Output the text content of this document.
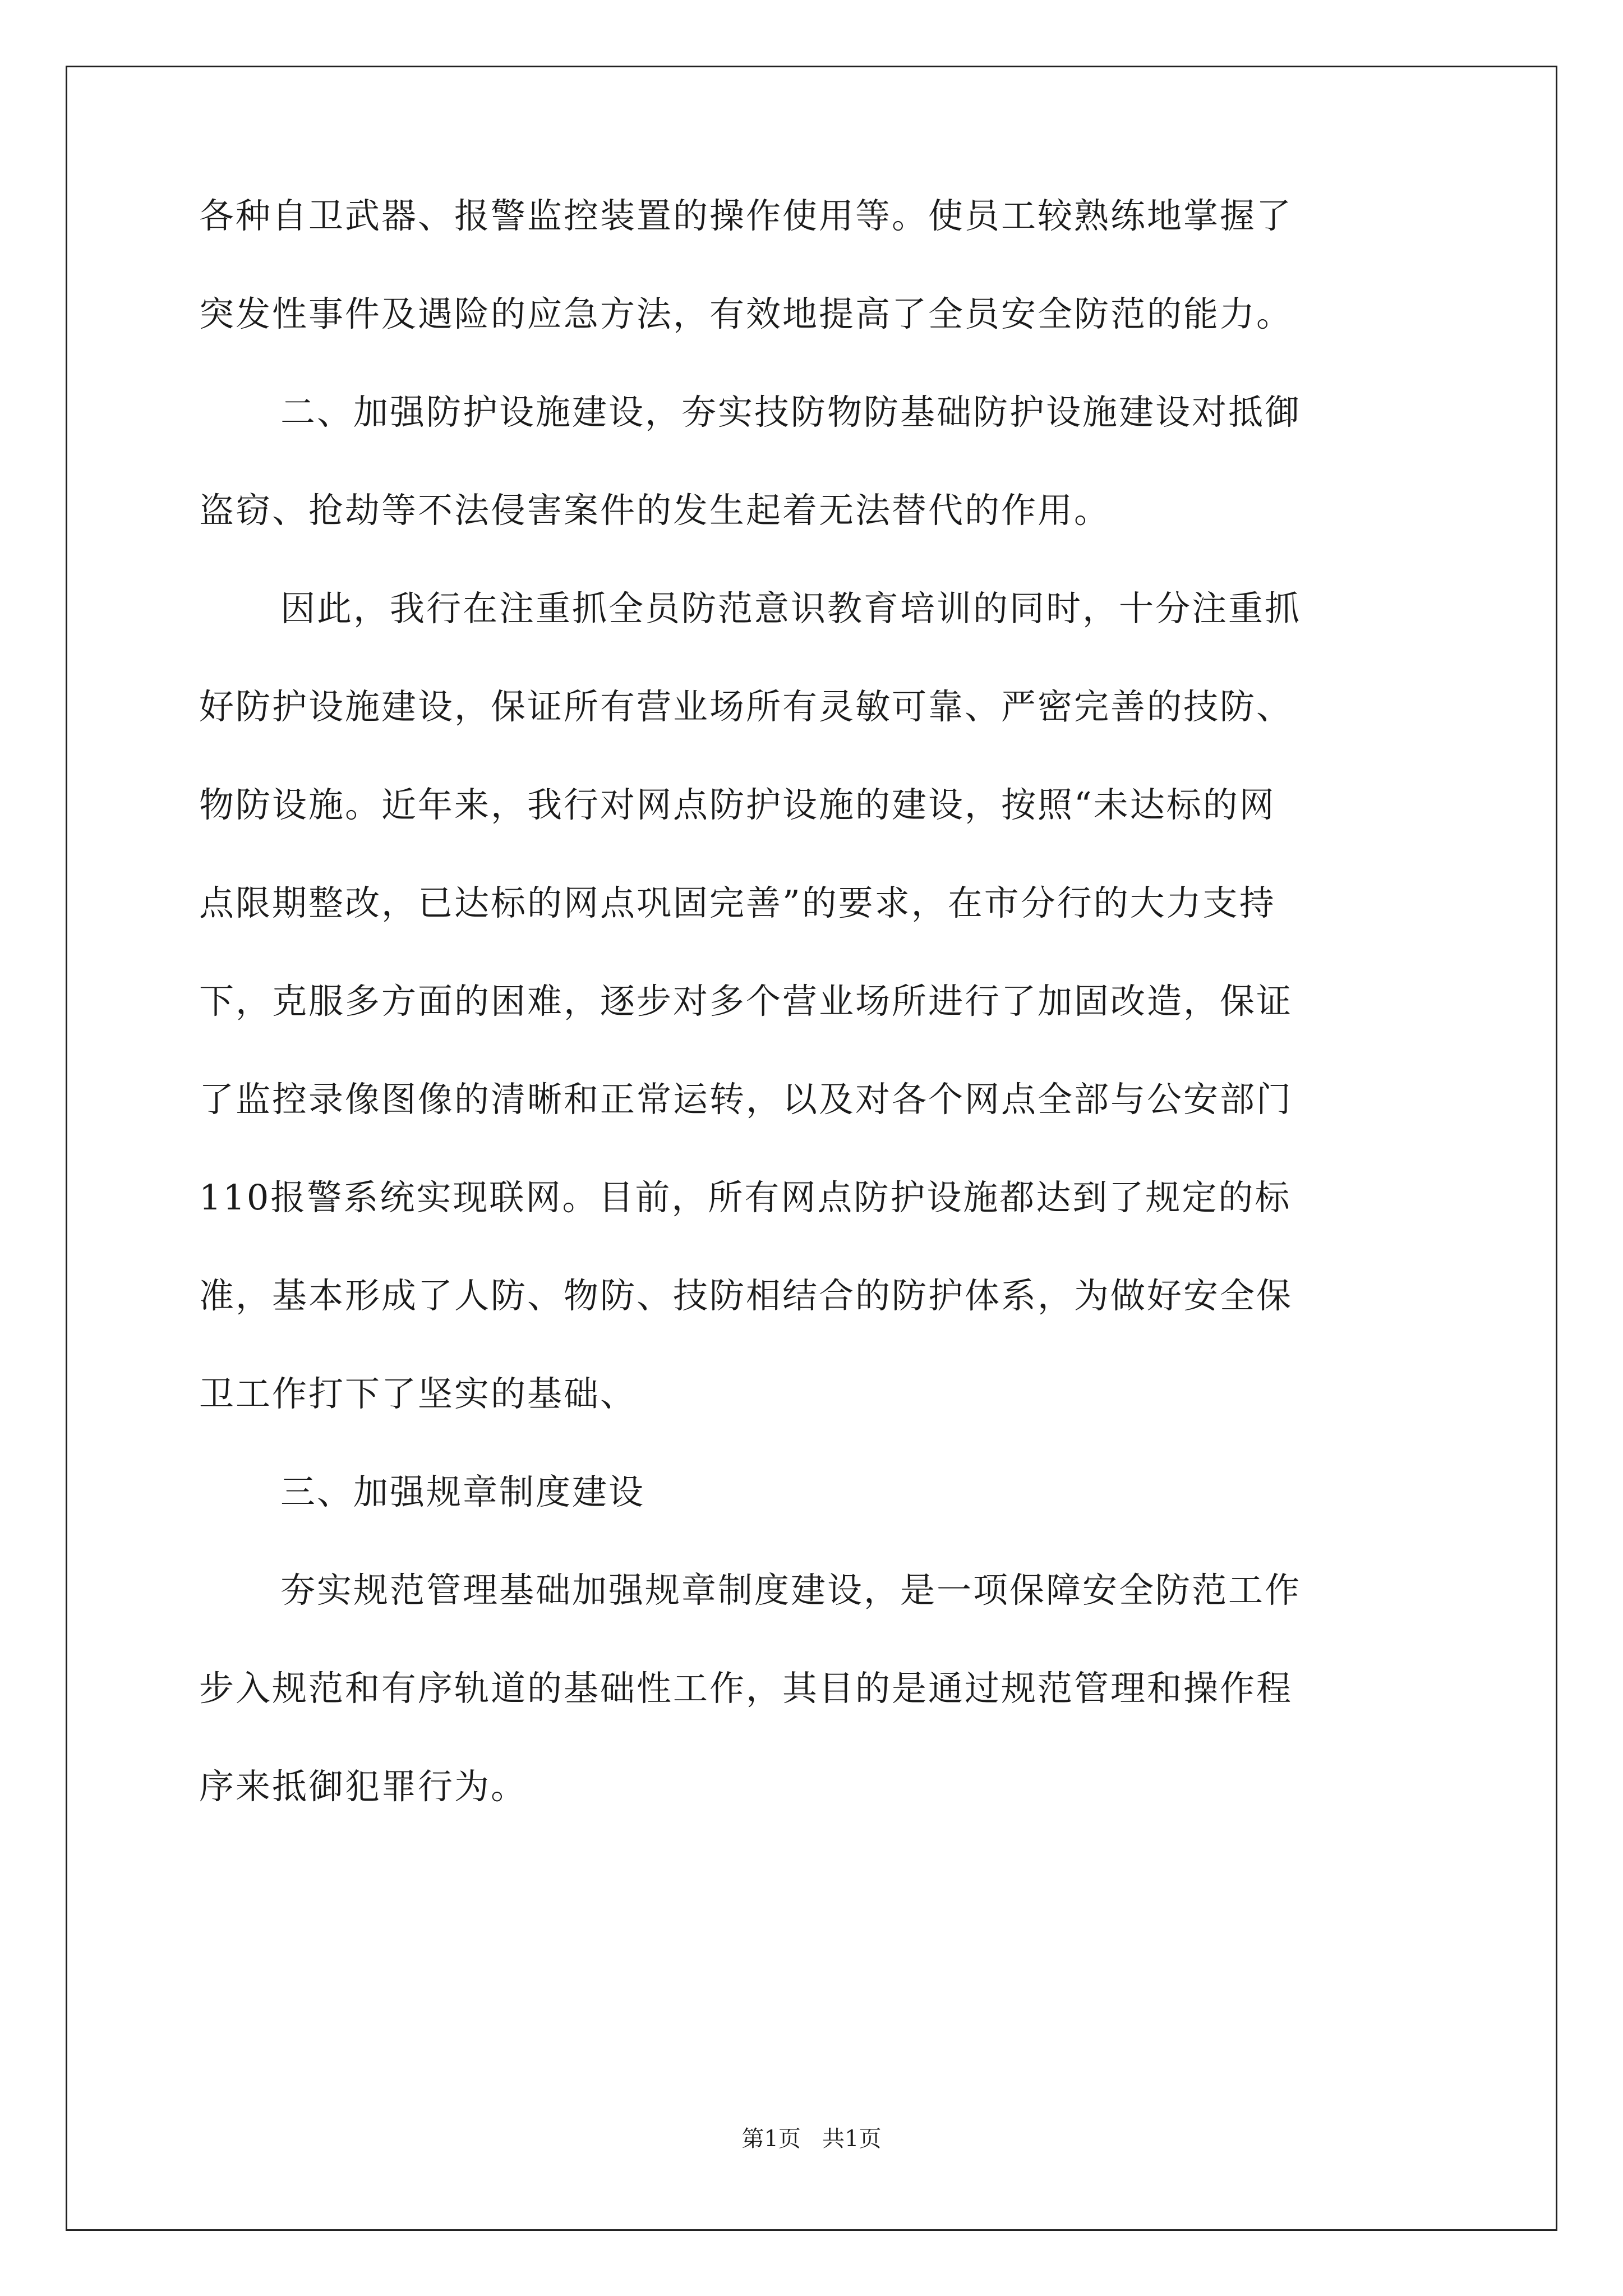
各种自卫武器、报警监控装置的操作使用等。使员工较熟练地掌握了
突发性事件及遇险的应急方法，有效地提高了全员安全防范的能力。
二、加强防护设施建设，夯实技防物防基础防护设施建设对抵御
盗窃、抢劫等不法侵害案件的发生起着无法替代的作用。
因此，我行在注重抓全员防范意识教育培训的同时，十分注重抓
好防护设施建设，保证所有营业场所有灵敏可靠、严密完善的技防、
物防设施。近年来，我行对网点防护设施的建设，按照“未达标的网
点限期整改，已达标的网点巩固完善”的要求，在市分行的大力支持
下，克服多方面的困难，逐步对多个营业场所进行了加固改造，保证
了监控录像图像的清晰和正常运转，以及对各个网点全部与公安部门
110报警系统实现联网。目前，所有网点防护设施都达到了规定的标
准，基本形成了人防、物防、技防相结合的防护体系，为做好安全保
卫工作打下了坚实的基础、
三、加强规章制度建设
夯实规范管理基础加强规章制度建设，是一项保障安全防范工作
步入规范和有序轨道的基础性工作，其目的是通过规范管理和操作程
序来抵御犯罪行为。
第1页   共1页
